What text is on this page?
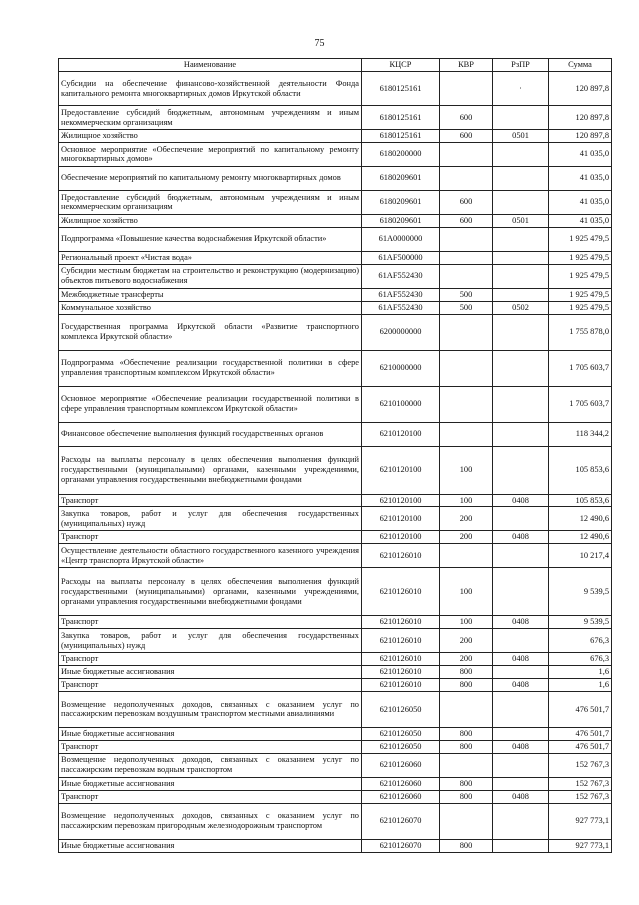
75
Наименование	КЦСР	КВР	РзПР	Сумма
Субсидии на обеспечение финансово-хозяйственной деятельности Фонда капитального ремонта многоквартирных домов Иркутской области	6180125161		·	120 897,8
Предоставление субсидий бюджетным, автономным учреждениям и иным некоммерческим организациям	6180125161	600		120 897,8
Жилищное хозяйство	6180125161	600	0501	120 897,8
Основное мероприятие «Обеспечение мероприятий по капитальному ремонту многоквартирных домов»	6180200000			41 035,0
Обеспечение мероприятий по капитальному ремонту многоквартирных домов	6180209601			41 035,0
Предоставление субсидий бюджетным, автономным учреждениям и иным некоммерческим организациям	6180209601	600		41 035,0
Жилищное хозяйство	6180209601	600	0501	41 035,0
Подпрограмма «Повышение качества водоснабжения Иркутской области»	61А0000000			1 925 479,5
Региональный проект «Чистая вода»	61АF500000			1 925 479,5
Субсидии местным бюджетам на строительство и реконструкцию (модернизацию) объектов питьевого водоснабжения	61АF552430			1 925 479,5
Межбюджетные трансферты	61АF552430	500		1 925 479,5
Коммунальное хозяйство	61АF552430	500	0502	1 925 479,5
Государственная программа Иркутской области «Развитие транспортного комплекса Иркутской области»	6200000000			1 755 878,0
Подпрограмма «Обеспечение реализации государственной политики в сфере управления транспортным комплексом Иркутской области»	6210000000			1 705 603,7
Основное мероприятие «Обеспечение реализации государственной политики в сфере управления транспортным комплексом Иркутской области»	6210100000			1 705 603,7
Финансовое обеспечение выполнения функций государственных органов	6210120100			118 344,2
Расходы на выплаты персоналу в целях обеспечения выполнения функций государственными (муниципальными) органами, казенными учреждениями, органами управления государственными внебюджетными фондами	6210120100	100		105 853,6
Транспорт	6210120100	100	0408	105 853,6
Закупка товаров, работ и услуг для обеспечения государственных (муниципальных) нужд	6210120100	200		12 490,6
Транспорт	6210120100	200	0408	12 490,6
Осуществление деятельности областного государственного казенного учреждения «Центр транспорта Иркутской области»	6210126010			10 217,4
Расходы на выплаты персоналу в целях обеспечения выполнения функций государственными (муниципальными) органами, казенными учреждениями, органами управления государственными внебюджетными фондами	6210126010	100		9 539,5
Транспорт	6210126010	100	0408	9 539,5
Закупка товаров, работ и услуг для обеспечения государственных (муниципальных) нужд	6210126010	200		676,3
Транспорт	6210126010	200	0408	676,3
Иные бюджетные ассигнования	6210126010	800		1,6
Транспорт	6210126010	800	0408	1,6
Возмещение недополученных доходов, связанных с оказанием услуг по пассажирским перевозкам воздушным транспортом местными авиалиниями	6210126050			476 501,7
Иные бюджетные ассигнования	6210126050	800		476 501,7
Транспорт	6210126050	800	0408	476 501,7
Возмещение недополученных доходов, связанных с оказанием услуг по пассажирским перевозкам водным транспортом	6210126060			152 767,3
Иные бюджетные ассигнования	6210126060	800		152 767,3
Транспорт	6210126060	800	0408	152 767,3
Возмещение недополученных доходов, связанных с оказанием услуг по пассажирским перевозкам пригородным железнодорожным транспортом	6210126070			927 773,1
Иные бюджетные ассигнования	6210126070	800		927 773,1
